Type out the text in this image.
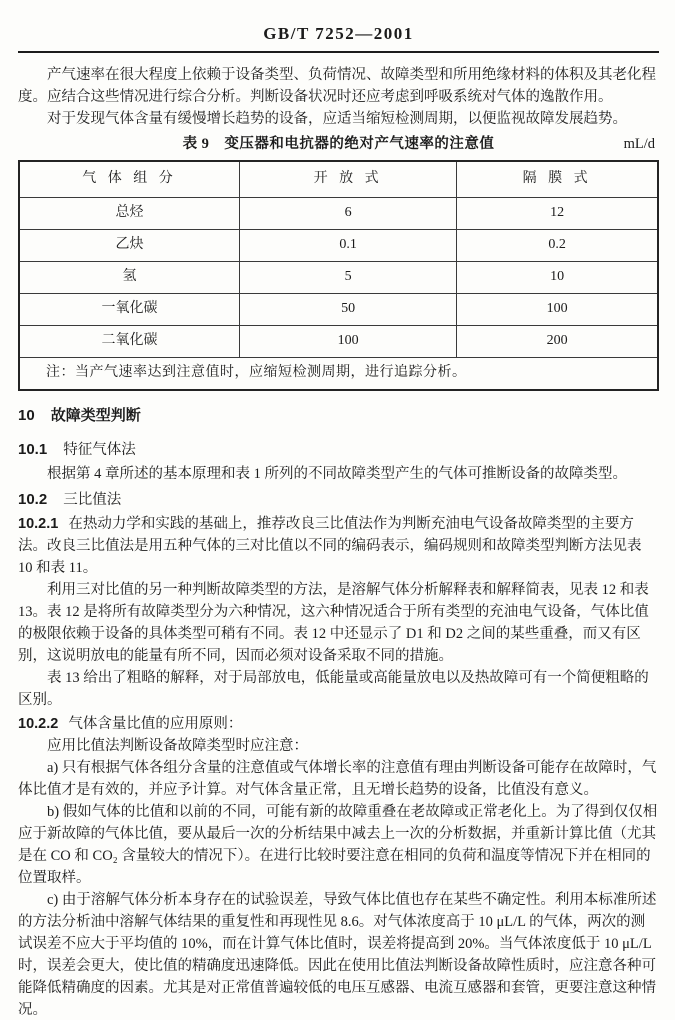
GB/T 7252—2001

产气速率在很大程度上依赖于设备类型、负荷情况、故障类型和所用绝缘材料的体积及其老化程度。应结合这些情况进行综合分析。判断设备状况时还应考虑到呼吸系统对气体的逸散作用。

对于发现气体含量有缓慢增长趋势的设备，应适当缩短检测周期，以便监视故障发展趋势。

表 9　变压器和电抗器的绝对产气速率的注意值	mL/d
气 体 组 分	开 放 式	隔 膜 式
总烃	6	12
乙炔	0.1	0.2
氢	5	10
一氧化碳	50	100
二氧化碳	100	200
注：当产气速率达到注意值时，应缩短检测周期，进行追踪分析。		
10 故障类型判断
10.1 特征气体法

根据第 4 章所述的基本原理和表 1 所列的不同故障类型产生的气体可推断设备的故障类型。

10.2 三比值法

10.2.1 在热动力学和实践的基础上，推荐改良三比值法作为判断充油电气设备故障类型的主要方法。改良三比值法是用五种气体的三对比值以不同的编码表示，编码规则和故障类型判断方法见表 10 和表 11。

利用三对比值的另一种判断故障类型的方法，是溶解气体分析解释表和解释简表，见表 12 和表 13。表 12 是将所有故障类型分为六种情况，这六种情况适合于所有类型的充油电气设备，气体比值的极限依赖于设备的具体类型可稍有不同。表 12 中还显示了 D1 和 D2 之间的某些重叠，而又有区别，这说明放电的能量有所不同，因而必须对设备采取不同的措施。

表 13 给出了粗略的解释，对于局部放电，低能量或高能量放电以及热故障可有一个简便粗略的区别。

10.2.2 气体含量比值的应用原则：

应用比值法判断设备故障类型时应注意：

a) 只有根据气体各组分含量的注意值或气体增长率的注意值有理由判断设备可能存在故障时，气体比值才是有效的，并应予计算。对气体含量正常，且无增长趋势的设备，比值没有意义。

b) 假如气体的比值和以前的不同，可能有新的故障重叠在老故障或正常老化上。为了得到仅仅相应于新故障的气体比值，要从最后一次的分析结果中减去上一次的分析数据，并重新计算比值（尤其是在 CO 和 CO₂ 含量较大的情况下）。在进行比较时要注意在相同的负荷和温度等情况下并在相同的位置取样。

c) 由于溶解气体分析本身存在的试验误差，导致气体比值也存在某些不确定性。利用本标准所述的方法分析油中溶解气体结果的重复性和再现性见 8.6。对气体浓度高于 10 μL/L 的气体，两次的测试误差不应大于平均值的 10%，而在计算气体比值时，误差将提高到 20%。当气体浓度低于 10 μL/L 时，误差会更大，使比值的精确度迅速降低。因此在使用比值法判断设备故障性质时，应注意各种可能降低精确度的因素。尤其是对正常值普遍较低的电压互感器、电流互感器和套管，更要注意这种情况。
